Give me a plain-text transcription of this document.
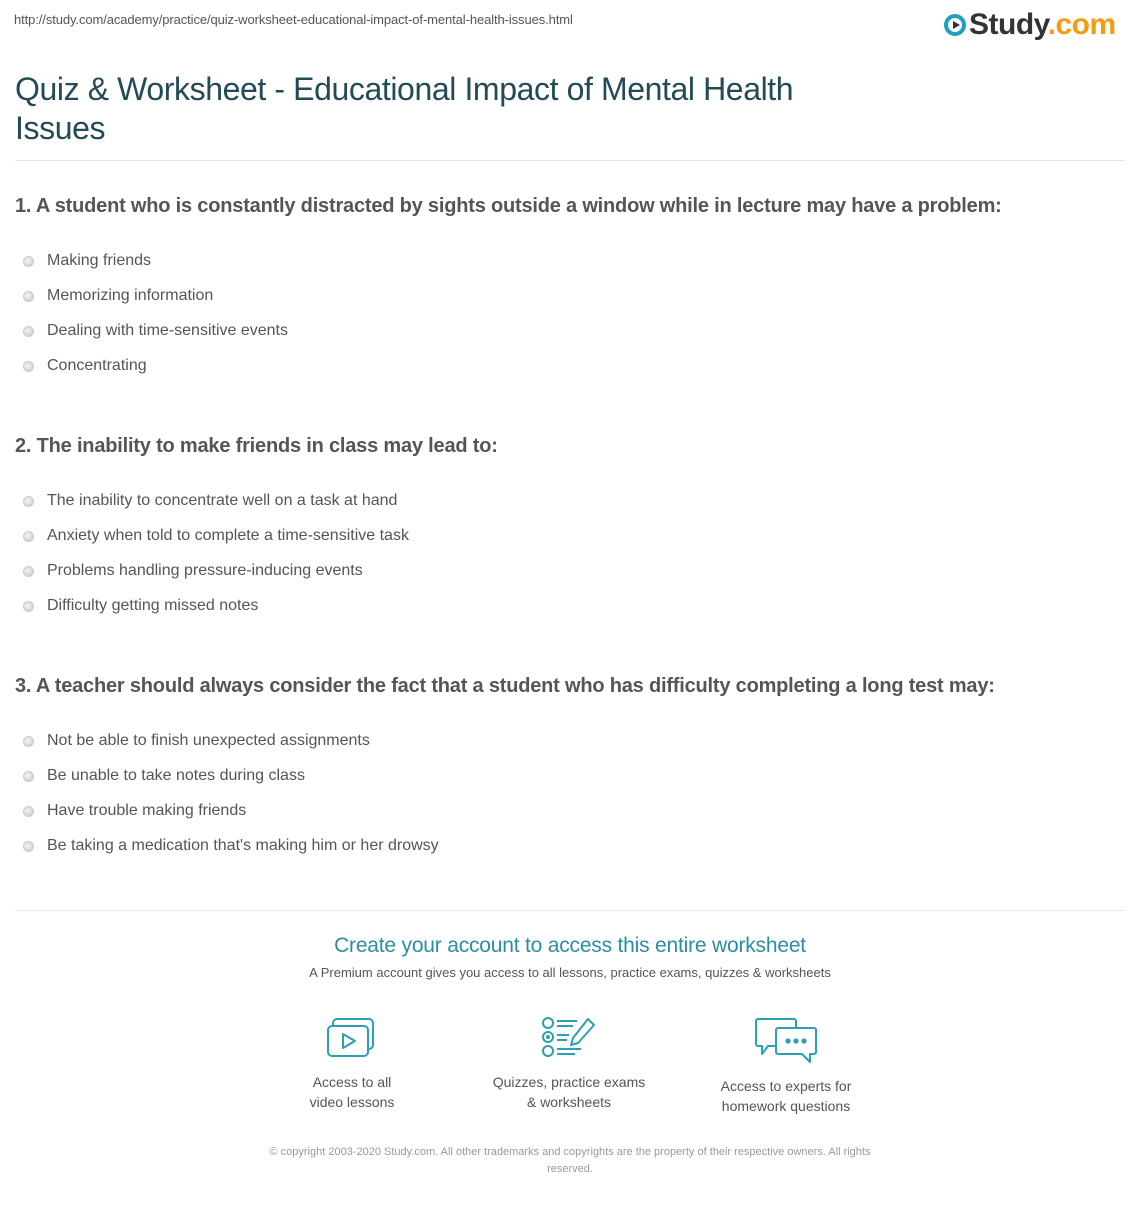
http://study.com/academy/practice/quiz-worksheet-educational-impact-of-mental-health-issues.html	Study.com
Quiz & Worksheet - Educational Impact of Mental Health Issues
1. A student who is constantly distracted by sights outside a window while in lecture may have a problem:
Making friends
Memorizing information
Dealing with time-sensitive events
Concentrating
2. The inability to make friends in class may lead to:
The inability to concentrate well on a task at hand
Anxiety when told to complete a time-sensitive task
Problems handling pressure-inducing events
Difficulty getting missed notes
3. A teacher should always consider the fact that a student who has difficulty completing a long test may:
Not be able to finish unexpected assignments
Be unable to take notes during class
Have trouble making friends
Be taking a medication that's making him or her drowsy
Create your account to access this entire worksheet
A Premium account gives you access to all lessons, practice exams, quizzes & worksheets
Access to all
video lessons
Quizzes, practice exams
& worksheets
Access to experts for
homework questions
© copyright 2003-2020 Study.com. All other trademarks and copyrights are the property of their respective owners. All rights
reserved.
